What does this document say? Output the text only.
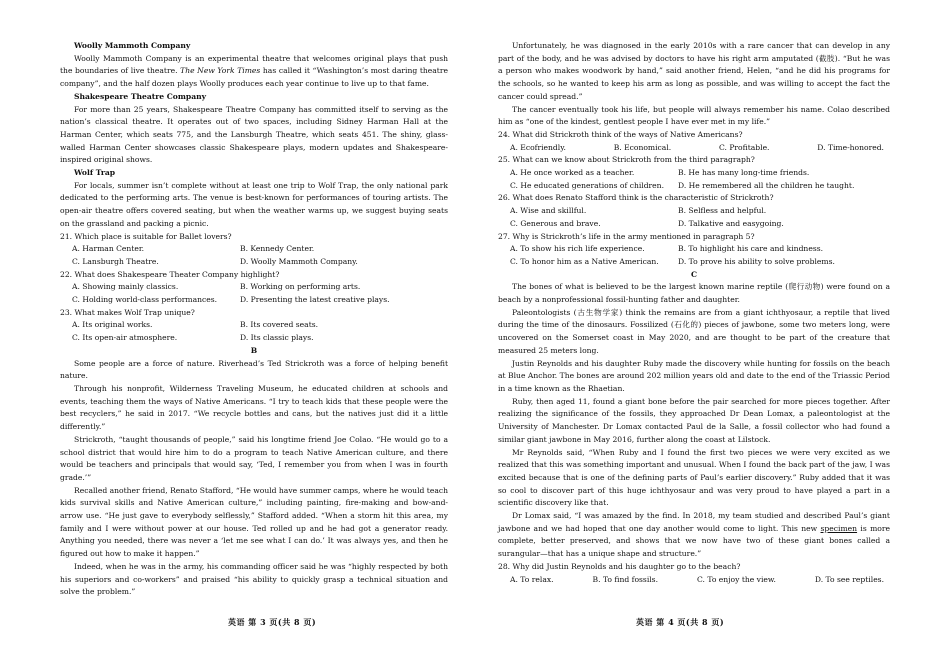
Woolly Mammoth Company

Woolly Mammoth Company is an experimental theatre that welcomes original plays that push the boundaries of live theatre. The New York Times has called it “Washington’s most daring theatre company”, and the half dozen plays Woolly produces each year continue to live up to that fame.

Shakespeare Theatre Company

For more than 25 years, Shakespeare Theatre Company has committed itself to serving as the nation’s classical theatre. It operates out of two spaces, including Sidney Harman Hall at the Harman Center, which seats 775, and the Lansburgh Theatre, which seats 451. The shiny, glass-walled Harman Center showcases classic Shakespeare plays, modern updates and Shakespeare-inspired original shows.

Wolf Trap

For locals, summer isn’t complete without at least one trip to Wolf Trap, the only national park dedicated to the performing arts. The venue is best-known for performances of touring artists. The open-air theatre offers covered seating, but when the weather warms up, we suggest buying seats on the grassland and packing a picnic.

21. Which place is suitable for Ballet lovers?

A. Harman Center.	B. Kennedy Center.
C. Lansburgh Theatre.	D. Woolly Mammoth Company.

22. What does Shakespeare Theater Company highlight?

A. Showing mainly classics.	B. Working on performing arts.
C. Holding world-class performances.	D. Presenting the latest creative plays.

23. What makes Wolf Trap unique?

A. Its original works.	B. Its covered seats.
C. Its open-air atmosphere.	D. Its classic plays.

B

Some people are a force of nature. Riverhead’s Ted Strickroth was a force of helping benefit nature.

Through his nonprofit, Wilderness Traveling Museum, he educated children at schools and events, teaching them the ways of Native Americans. “I try to teach kids that these people were the best recyclers,” he said in 2017. “We recycle bottles and cans, but the natives just did it a little differently.”

Strickroth, “taught thousands of people,” said his longtime friend Joe Colao. “He would go to a school district that would hire him to do a program to teach Native American culture, and there would be teachers and principals that would say, ‘Ted, I remember you from when I was in fourth grade.’”

Recalled another friend, Renato Stafford, “He would have summer camps, where he would teach kids survival skills and Native American culture,” including painting, fire-making and bow-and-arrow use. “He just gave to everybody selflessly,” Stafford added. “When a storm hit this area, my family and I were without power at our house. Ted rolled up and he had got a generator ready. Anything you needed, there was never a ‘let me see what I can do.’ It was always yes, and then he figured out how to make it happen.”

Indeed, when he was in the army, his commanding officer said he was “highly respected by both his superiors and co-workers” and praised “his ability to quickly grasp a technical situation and solve the problem.”

Unfortunately, he was diagnosed in the early 2010s with a rare cancer that can develop in any part of the body, and he was advised by doctors to have his right arm amputated (截肢). “But he was a person who makes woodwork by hand,” said another friend, Helen, “and he did his programs for the schools, so he wanted to keep his arm as long as possible, and was willing to accept the fact the cancer could spread.”

The cancer eventually took his life, but people will always remember his name. Colao described him as “one of the kindest, gentlest people I have ever met in my life.”

24. What did Strickroth think of the ways of Native Americans?

A. Ecofriendly.	B. Economical.	C. Profitable.	D. Time-honored.

25. What can we know about Strickroth from the third paragraph?

A. He once worked as a teacher.	B. He has many long-time friends.
C. He educated generations of children.	D. He remembered all the children he taught.

26. What does Renato Stafford think is the characteristic of Strickroth?

A. Wise and skillful.	B. Selfless and helpful.
C. Generous and brave.	D. Talkative and easygoing.

27. Why is Strickroth’s life in the army mentioned in paragraph 5?

A. To show his rich life experience.	B. To highlight his care and kindness.
C. To honor him as a Native American.	D. To prove his ability to solve problems.

C

The bones of what is believed to be the largest known marine reptile (爬行动物) were found on a beach by a nonprofessional fossil-hunting father and daughter.

Paleontologists (古生物学家) think the remains are from a giant ichthyosaur, a reptile that lived during the time of the dinosaurs. Fossilized (石化的) pieces of jawbone, some two meters long, were uncovered on the Somerset coast in May 2020, and are thought to be part of the creature that measured 25 meters long.

Justin Reynolds and his daughter Ruby made the discovery while hunting for fossils on the beach at Blue Anchor. The bones are around 202 million years old and date to the end of the Triassic Period in a time known as the Rhaetian.

Ruby, then aged 11, found a giant bone before the pair searched for more pieces together. After realizing the significance of the fossils, they approached Dr Dean Lomax, a paleontologist at the University of Manchester. Dr Lomax contacted Paul de la Salle, a fossil collector who had found a similar giant jawbone in May 2016, further along the coast at Lilstock.

Mr Reynolds said, “When Ruby and I found the first two pieces we were very excited as we realized that this was something important and unusual. When I found the back part of the jaw, I was excited because that is one of the defining parts of Paul’s earlier discovery.” Ruby added that it was so cool to discover part of this huge ichthyosaur and was very proud to have played a part in a scientific discovery like that.

Dr Lomax said, “I was amazed by the find. In 2018, my team studied and described Paul’s giant jawbone and we had hoped that one day another would come to light. This new specimen is more complete, better preserved, and shows that we now have two of these giant bones called a surangular—that has a unique shape and structure.”

28. Why did Justin Reynolds and his daughter go to the beach?

A. To relax.	B. To find fossils.	C. To enjoy the view.	D. To see reptiles.
英语 第 3 页(共 8 页)	英语 第 4 页(共 8 页)
